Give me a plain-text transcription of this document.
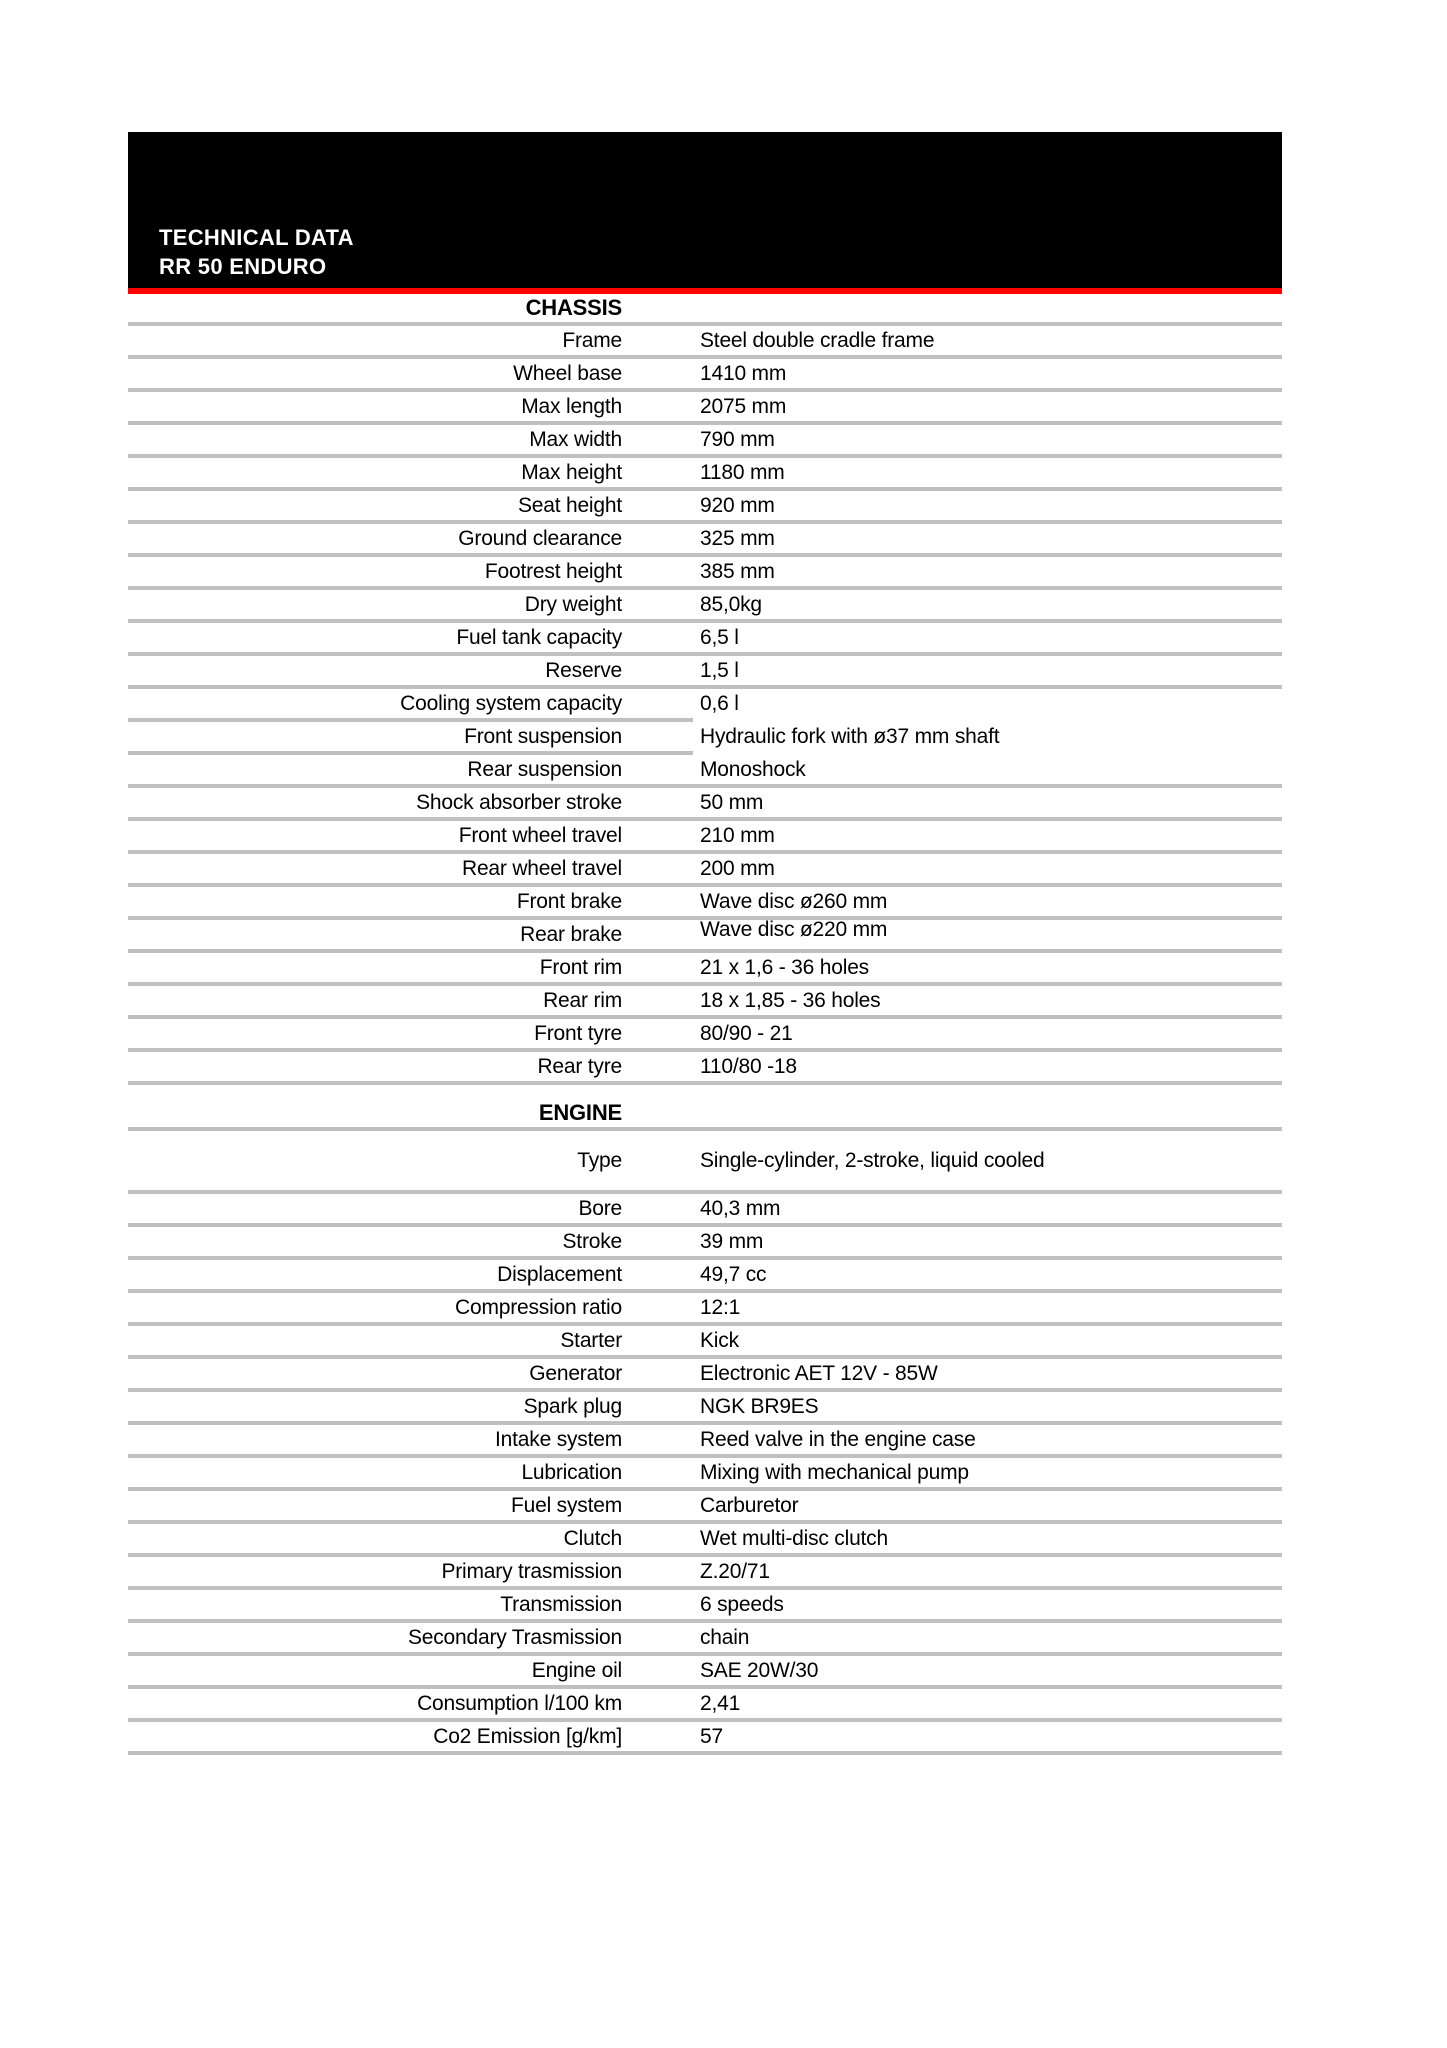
TECHNICAL DATA
RR 50 ENDURO
CHASSIS
Frame	Steel double cradle frame
Wheel base	1410 mm
Max length	2075 mm
Max width	790 mm
Max height	1180 mm
Seat height	920 mm
Ground clearance	325 mm
Footrest height	385 mm
Dry weight	85,0kg
Fuel tank capacity	6,5 l
Reserve	1,5 l
Cooling system capacity	0,6 l
Front suspension	Hydraulic fork with ø37 mm shaft
Rear suspension	Monoshock
Shock absorber stroke	50 mm
Front wheel travel	210 mm
Rear wheel travel	200 mm
Front brake	Wave disc ø260 mm
Rear brake	Wave disc ø220 mm
Front rim	21 x 1,6 - 36 holes
Rear rim	18 x 1,85 - 36 holes
Front tyre	80/90 - 21
Rear tyre	110/80 -18
ENGINE
Type	Single-cylinder, 2-stroke, liquid cooled
Bore	40,3 mm
Stroke	39 mm
Displacement	49,7 cc
Compression ratio	12:1
Starter	Kick
Generator	Electronic AET 12V - 85W
Spark plug	NGK BR9ES
Intake system	Reed valve in the engine case
Lubrication	Mixing with mechanical pump
Fuel system	Carburetor
Clutch	Wet multi-disc clutch
Primary trasmission	Z.20/71
Transmission	6 speeds
Secondary Trasmission	chain
Engine oil	SAE 20W/30
Consumption l/100 km	2,41
Co2 Emission [g/km]	57
